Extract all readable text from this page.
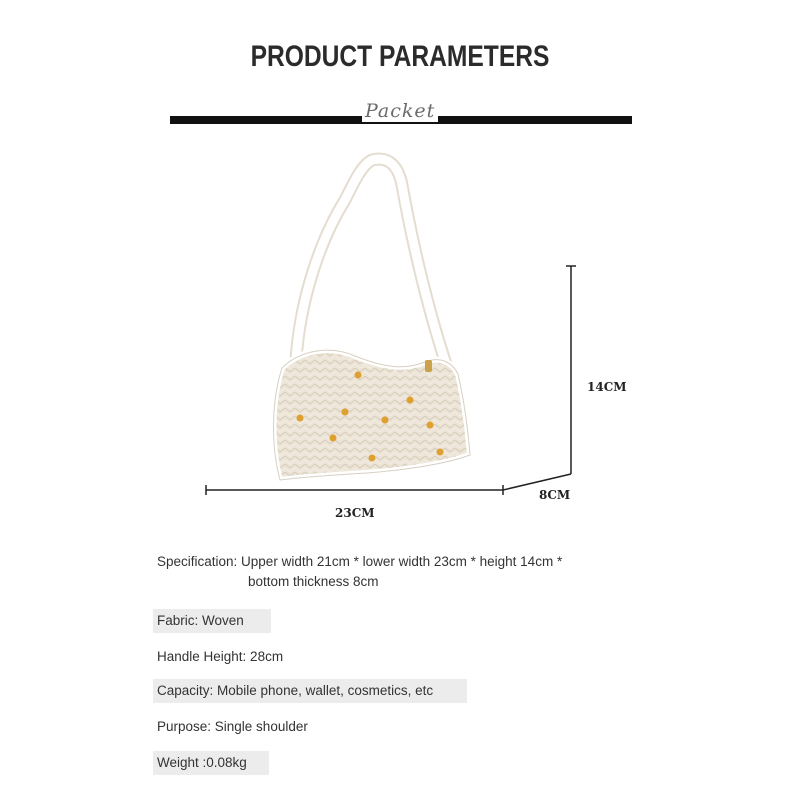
PRODUCT PARAMETERS
Packet
23CM
14CM
8CM
Specification: Upper width 21cm * lower width 23cm * height 14cm *
bottom thickness 8cm
Fabric: Woven
Handle Height: 28cm
Capacity: Mobile phone, wallet, cosmetics, etc
Purpose: Single shoulder
Weight :0.08kg
